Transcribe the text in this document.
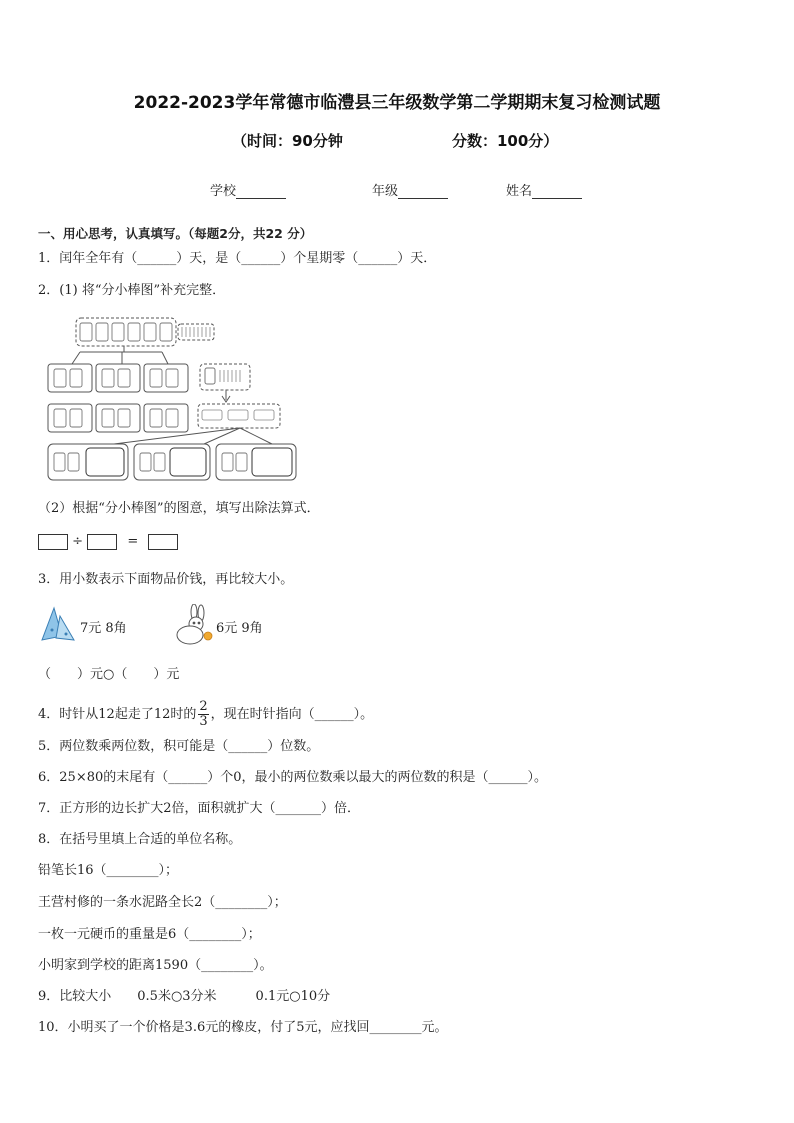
2022-2023学年常德市临澧县三年级数学第二学期期末复习检测试题
（时间：90分钟	分数：100分）
学校	年级	姓名
一、用心思考，认真填写。（每题2分，共22 分）
1．闰年全年有（______）天，是（______）个星期零（______）天．
2．(1) 将“分小棒图”补充完整．
（2）根据“分小棒图”的图意，填写出除法算式．
÷	=
3．用小数表示下面物品价钱，再比较大小。
7元 8角	6元 9角
（　　）元○（　　）元
4．时针从12起走了12时的 $\frac{2}{3}$ ，现在时针指向（______）。
5．两位数乘两位数，积可能是（______）位数。
6．25×80的末尾有（______）个0，最小的两位数乘以最大的两位数的积是（______）。
7．正方形的边长扩大2倍，面积就扩大（_______）倍．
8．在括号里填上合适的单位名称。
铅笔长16（________）；
王营村修的一条水泥路全长2（________）；
一枚一元硬币的重量是6（________）；
小明家到学校的距离1590（________）。
9．比较大小　　0.5米○3分米　　　0.1元○10分
10．小明买了一个价格是3.6元的橡皮，付了5元，应找回________元。
